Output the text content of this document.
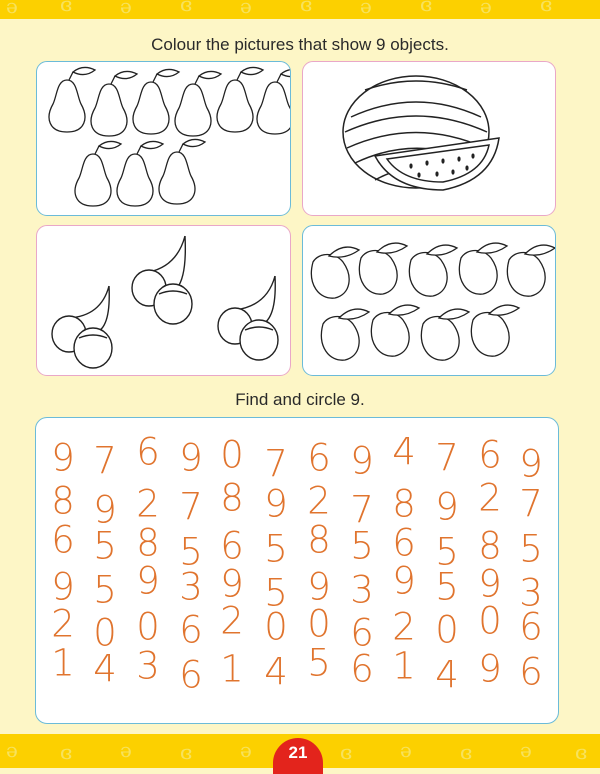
ə ɞ ə ɞ ə ɞ ə ɞ ə ɞ
Colour the pictures that show 9 objects.
Find and circle 9.
9 7 6 9 0 7 6 9 4 7 6 9
8 9 2 7 8 9 2 7 8 9 2 7
6 5 8 5 6 5 8 5 6 5 8 5
9 5 9 3 9 5 9 3 9 5 9 3
2 0 0 6 2 0 0 6 2 0 0 6
1 4 3 6 1 4 5 6 1 4 9 6
ə ɞ ə ɞ ə	ɞ ə ɞ ə ɞ
21
